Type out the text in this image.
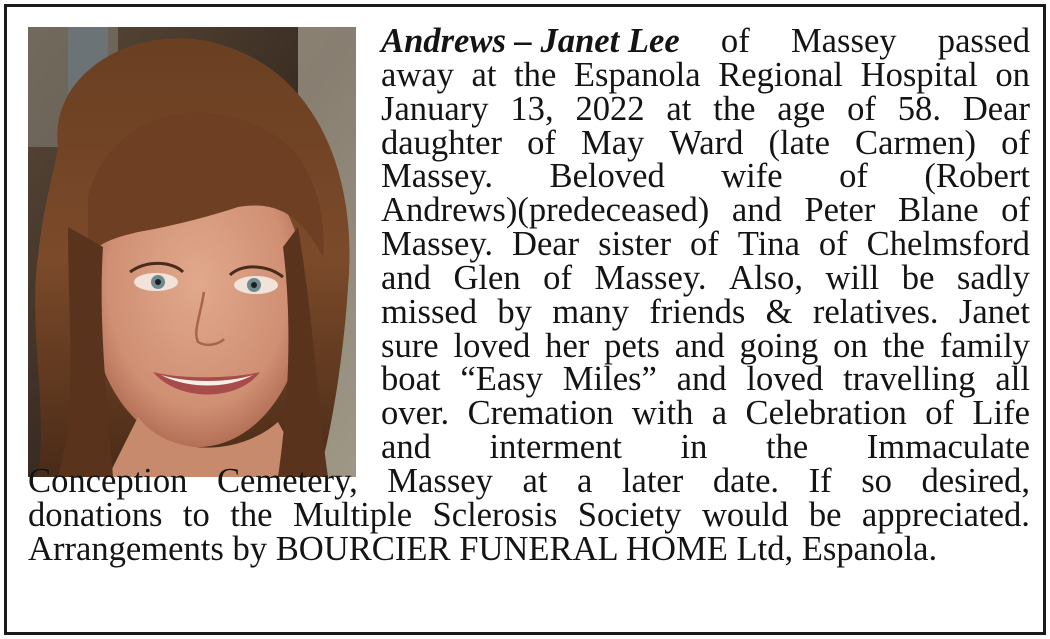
Andrews – Janet Lee of Massey passed
away at the Espanola Regional Hospital on
January 13, 2022 at the age of 58. Dear
daughter of May Ward (late Carmen) of
Massey. Beloved wife of (Robert
Andrews)(predeceased) and Peter Blane of
Massey. Dear sister of Tina of Chelmsford
and Glen of Massey. Also, will be sadly
missed by many friends & relatives. Janet
sure loved her pets and going on the family
boat “Easy Miles” and loved travelling all
over. Cremation with a Celebration of Life
and interment in the Immaculate
Conception Cemetery, Massey at a later date. If so desired,
donations to the Multiple Sclerosis Society would be appreciated.
Arrangements by BOURCIER FUNERAL HOME Ltd, Espanola.
